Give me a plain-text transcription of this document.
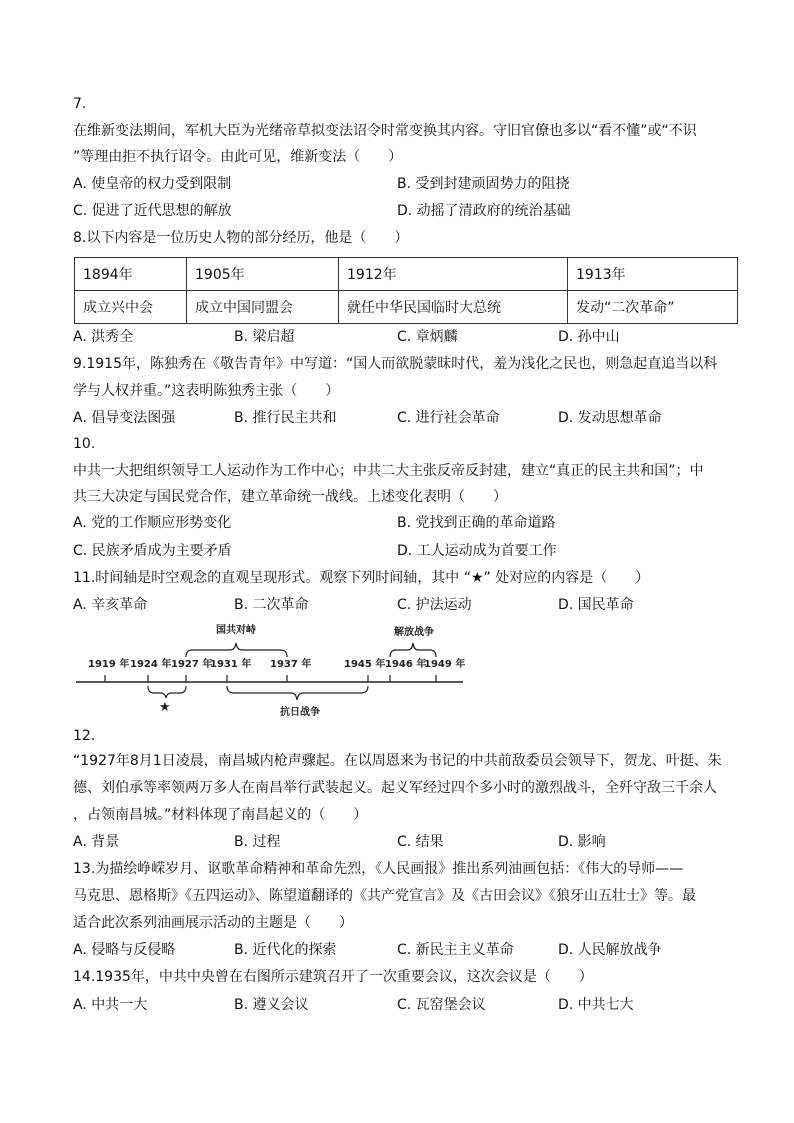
7.
在维新变法期间，军机大臣为光绪帝草拟变法诏令时常变换其内容。守旧官僚也多以“看不懂”或“不识
”等理由拒不执行诏令。由此可见，维新变法（　　）
A. 使皇帝的权力受到限制	B. 受到封建顽固势力的阻挠
C. 促进了近代思想的解放	D. 动摇了清政府的统治基础
8.以下内容是一位历史人物的部分经历，他是（　　）
1894年	1905年	1912年	1913年
成立兴中会	成立中国同盟会	就任中华民国临时大总统	发动“二次革命”
A. 洪秀全	B. 梁启超	C. 章炳麟	D. 孙中山
9.1915年，陈独秀在《敬告青年》中写道：“国人而欲脱蒙昧时代，羞为浅化之民也，则急起直追当以科
学与人权并重。”这表明陈独秀主张（　　）
A. 倡导变法图强	B. 推行民主共和	C. 进行社会革命	D. 发动思想革命
10.
中共一大把组织领导工人运动作为工作中心；中共二大主张反帝反封建，建立“真正的民主共和国”；中
共三大决定与国民党合作，建立革命统一战线。上述变化表明（　　）
A. 党的工作顺应形势变化	B. 党找到正确的革命道路
C. 民族矛盾成为主要矛盾	D. 工人运动成为首要工作
11.时间轴是时空观念的直观呈现形式。观察下列时间轴，其中 “★” 处对应的内容是（　　）
A. 辛亥革命	B. 二次革命	C. 护法运动	D. 国民革命
1919 年 1924 年 1927 年
1931 年 1937 年	1945 年 1946 年
1949 年
国共对峙	解放战争
★	抗日战争
12.
“1927年8月1日凌晨，南昌城内枪声骤起。在以周恩来为书记的中共前敌委员会领导下，贺龙、叶挺、朱
德、刘伯承等率领两万多人在南昌举行武装起义。起义军经过四个多小时的激烈战斗，全歼守敌三千余人
，占领南昌城。”材料体现了南昌起义的（　　）
A. 背景	B. 过程	C. 结果	D. 影响
13.为描绘峥嵘岁月、讴歌革命精神和革命先烈，《人民画报》推出系列油画包括：《伟大的导师——
马克思、恩格斯》《五四运动》、陈望道翻译的《共产党宣言》及《古田会议》《狼牙山五壮士》等。最
适合此次系列油画展示活动的主题是（　　）
A. 侵略与反侵略	B. 近代化的探索	C. 新民主主义革命	D. 人民解放战争
14.1935年，中共中央曾在右图所示建筑召开了一次重要会议，这次会议是（　　）
A. 中共一大	B. 遵义会议	C. 瓦窑堡会议	D. 中共七大
